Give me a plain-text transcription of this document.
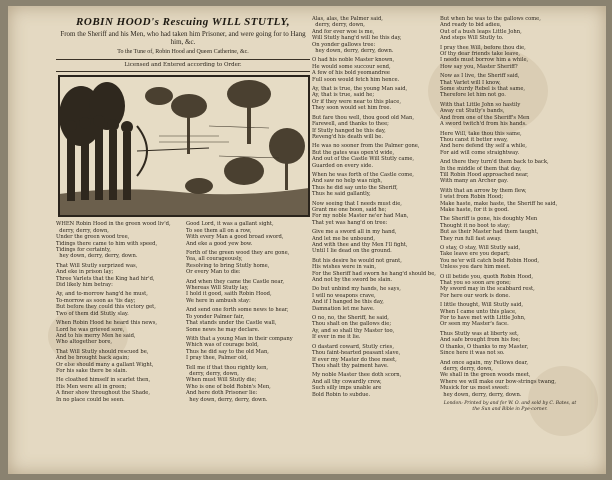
ROBIN HOOD's Rescuing WILL STUTLY,
From the Sheriff and his Men, who had taken him Prisoner, and were going for to Hang him, &c.
To the Tune of, Robin Hood and Queen Catherine, &c.
Licensed and Entered according to Order.
WHEN Robin Hood in the green wood liv'd,
derry, derry, down,
Under the green wood tree,
Tidings there came to him with speed,
Tidings for certainty,
hey down, derry, derry, down.
That Will Stutly surprized was,
And eke in prison lay;
Three Varlets that the King had hir'd,
Did likely him betray:
Ay, and to-morrow hang'd he must,
To-morrow as soon as 'tis day;
But before they could this victory get,
Two of them did Stutly slay.
When Robin Hood he heard this news,
Lord he was grieved sore,
And to his merry Men he said,
Who altogether bore,
That Will Stutly should rescued be,
And be brought back again;
Or else should many a gallant Wight,
For his sake there be slain.
He cloathed himself in scarlet then,
His Men were all in green;
A finer show throughout the Shade,
In no place could be seen.
Good Lord, it was a gallant sight,
To see them all on a row,
With every Man a good broad sword,
And eke a good yew bow.
Forth of the green wood they are gone,
Yea, all courageously,
Resolving to bring Stutly home,
Or every Man to die:
And when they came the Castle near,
Whereas Will Stutly lay,
I hold it good, saith Robin Hood,
We here in ambush stay:
And send one forth some news to hear,
To yonder Palmer fair,
That stands under the Castle wall,
Some news he may declare.
With that a young Man in their company
Which was of courage bold,
Thus he did say to the old Man,
I pray thee, Palmer old,
Tell me if that thou rightly ken,
derry, derry, down,
When must Will Stutly die;
Who is one of bold Robin's Men,
And here doth Prisoner lie:
hey down, derry, derry, down.
Alas, alas, the Palmer said,
derry, derry, down,
And for ever woe is me,
Will Stutly hang'd will he this day,
On yonder gallows tree:
hey down, derry, derry, down.
O had his noble Master known,
He would some succour send,
A few of his bold yeomandree
Full soon would fetch him hence.
Ay, that is true, the young Man said,
Ay, that is true, said he;
Or if they were near to this place,
They soon would set him free.
But fare thou well, thou good old Man,
Farewell, and thanks to thee;
If Stutly hanged be this day,
Reveng'd his death will be.
He was no sooner from the Palmer gone,
But the gates was open'd wide,
And out of the Castle Will Stutly came,
Guarded on every side.
When he was forth of the Castle come,
And saw no help was nigh,
Thus he did say unto the Sheriff,
Thus he said gallantly,
Now seeing that I needs must die,
Grant me one boon, said he;
For my noble Master ne'er had Man,
That yet was hang'd on tree:
Give me a sword all in my hand,
And let me be unbound,
And with thee and thy Men I'll fight,
Until I lie dead on the ground.
But his desire he would not grant,
His wishes were in vain,
For the Sheriff had sworn he hang'd should be,
And not by the sword be slain.
Do but unbind my hands, he says,
I will no weapons crave,
And if I hanged be this day,
Damnation let me have.
O no, no, the Sheriff, he said,
Thou shalt on the gallows die;
Ay, and so shall thy Master too,
If ever in me it lie.
O dastard coward, Stutly cries,
Thou faint-hearted peasant slave,
If ever my Master do thee meet,
Thou shalt thy paiment have.
My noble Master thee doth scorn,
And all thy cowardly crew,
Such silly imps unable are
Bold Robin to subdue.
But when he was to the gallows come,
And ready to bid adieu,
Out of a bush leaps Little John,
And steps Will Stutly to.
I pray thee Will, before thou die,
Of thy dear friends take leave,
I needs must borrow him a while,
How say you, Master Sheriff?
Now as I live, the Sheriff said,
That Varlet will I know,
Some sturdy Rebel is that same,
Therefore let him not go.
With that Little John so hastily
Away cut Stutly's bands,
And from one of the Sheriff's Men
A sword twitch'd from his hands.
Here Will, take thou this same,
Thou canst it better sway,
And here defend thy self a while,
For aid will come straightway.
And there they turn'd them back to back,
In the middle of them that day,
Till Robin Hood approached near,
With many an Archer gay.
With that an arrow by them flew,
I wist from Robin Hood;
Make haste, make haste, the Sheriff he said,
Make haste, for it is good.
The Sheriff is gone, his doughty Men
Thought it no boot to stay;
But as their Master had them taught,
They run full fast away.
O stay, O stay, Will Stutly said,
Take leave ere you depart;
You ne'er will catch bold Robin Hood,
Unless you dare him meet.
O ill betide you, quoth Robin Hood,
That you so soon are gone;
My sword may in the scabbard rest,
For here our work is done.
I little thought, Will Stutly said,
When I came unto this place,
For to have met with Little John,
Or seen my Master's face.
Thus Stutly was at liberty set,
And safe brought from his foe;
O thanks, O thanks to my Master,
Since here it was not so.
And once again, my Fellows dear,
derry, derry, down,
We shall in the green woods meet,
Where we will make our bow-strings twang,
Musick for us most sweet:
hey down, derry, derry, down.
London: Printed by and for W. O. and sold by C. Bates, at the Sun and Bible in Pye-corner.
